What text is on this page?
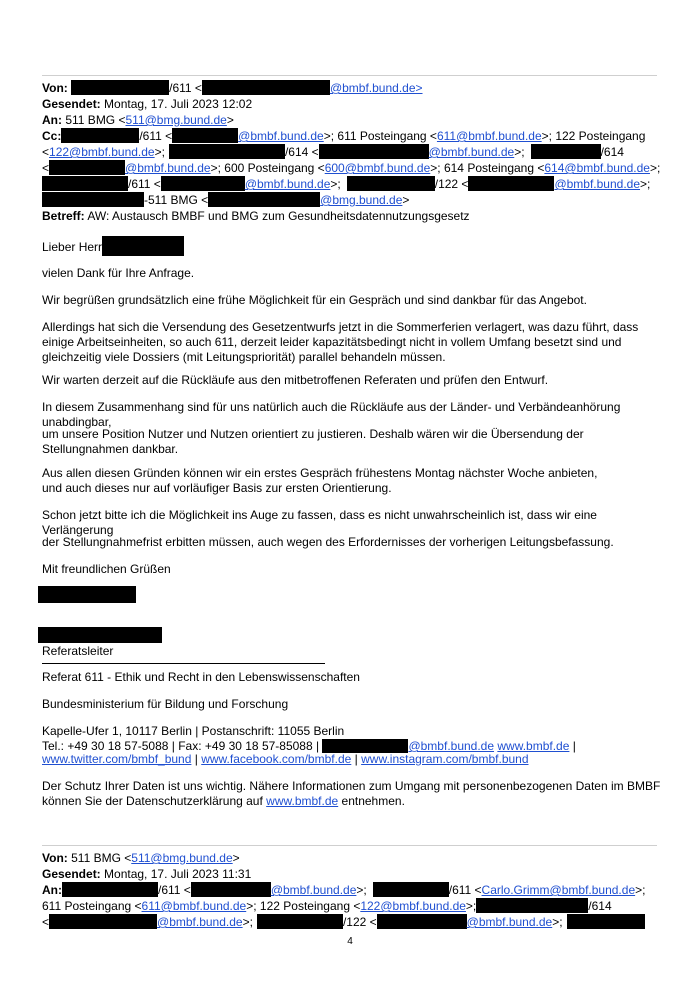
Von:	/611 <	@bmbf.bund.de>
Gesendet: Montag, 17. Juli 2023 12:02
An: 511 BMG <511@bmg.bund.de>
Cc:	/611 <	@bmbf.bund.de>; 611 Posteingang <611@bmbf.bund.de>; 122 Posteingang
<122@bmbf.bund.de>;	/614 <	@bmbf.bund.de>;	/614
<	@bmbf.bund.de>; 600 Posteingang <600@bmbf.bund.de>; 614 Posteingang <614@bmbf.bund.de>;
/611 <	@bmbf.bund.de>;	/122 <	@bmbf.bund.de>;
-511 BMG <	@bmg.bund.de>
Betreff: AW: Austausch BMBF und BMG zum Gesundheitsdatennutzungsgesetz
Lieber Herr
vielen Dank für Ihre Anfrage.
Wir begrüßen grundsätzlich eine frühe Möglichkeit für ein Gespräch und sind dankbar für das Angebot.
Allerdings hat sich die Versendung des Gesetzentwurfs jetzt in die Sommerferien verlagert, was dazu führt, dass einige Arbeitseinheiten, so auch 611, derzeit leider kapazitätsbedingt nicht in vollem Umfang besetzt sind und gleichzeitig viele Dossiers (mit Leitungspriorität) parallel behandeln müssen.
Wir warten derzeit auf die Rückläufe aus den mitbetroffenen Referaten und prüfen den Entwurf.
In diesem Zusammenhang sind für uns natürlich auch die Rückläufe aus der Länder- und Verbändeanhörung unabdingbar,
um unsere Position Nutzer und Nutzen orientiert zu justieren. Deshalb wären wir die Übersendung der Stellungnahmen dankbar.
Aus allen diesen Gründen können wir ein erstes Gespräch frühestens Montag nächster Woche anbieten,
und auch dieses nur auf vorläufiger Basis zur ersten Orientierung.
Schon jetzt bitte ich die Möglichkeit ins Auge zu fassen, dass es nicht unwahrscheinlich ist, dass wir eine Verlängerung
der Stellungnahmefrist erbitten müssen, auch wegen des Erfordernisses der vorherigen Leitungsbefassung.
Mit freundlichen Grüßen
Referatsleiter
Referat 611 - Ethik und Recht in den Lebenswissenschaften
Bundesministerium für Bildung und Forschung
Kapelle-Ufer 1, 10117 Berlin | Postanschrift: 11055 Berlin
Tel.: +49 30 18 57-5088 | Fax: +49 30 18 57-85088 |	@bmbf.bund.de www.bmbf.de |
www.twitter.com/bmbf_bund | www.facebook.com/bmbf.de | www.instagram.com/bmbf.bund
Der Schutz Ihrer Daten ist uns wichtig. Nähere Informationen zum Umgang mit personenbezogenen Daten im BMBF
können Sie der Datenschutzerklärung auf www.bmbf.de entnehmen.
Von: 511 BMG <511@bmg.bund.de>
Gesendet: Montag, 17. Juli 2023 11:31
An:	/611 <	@bmbf.bund.de>;	/611 <Carlo.Grimm@bmbf.bund.de>;
611 Posteingang <611@bmbf.bund.de>; 122 Posteingang <122@bmbf.bund.de>;	/614
<	@bmbf.bund.de>;	/122 <	@bmbf.bund.de>;
4
